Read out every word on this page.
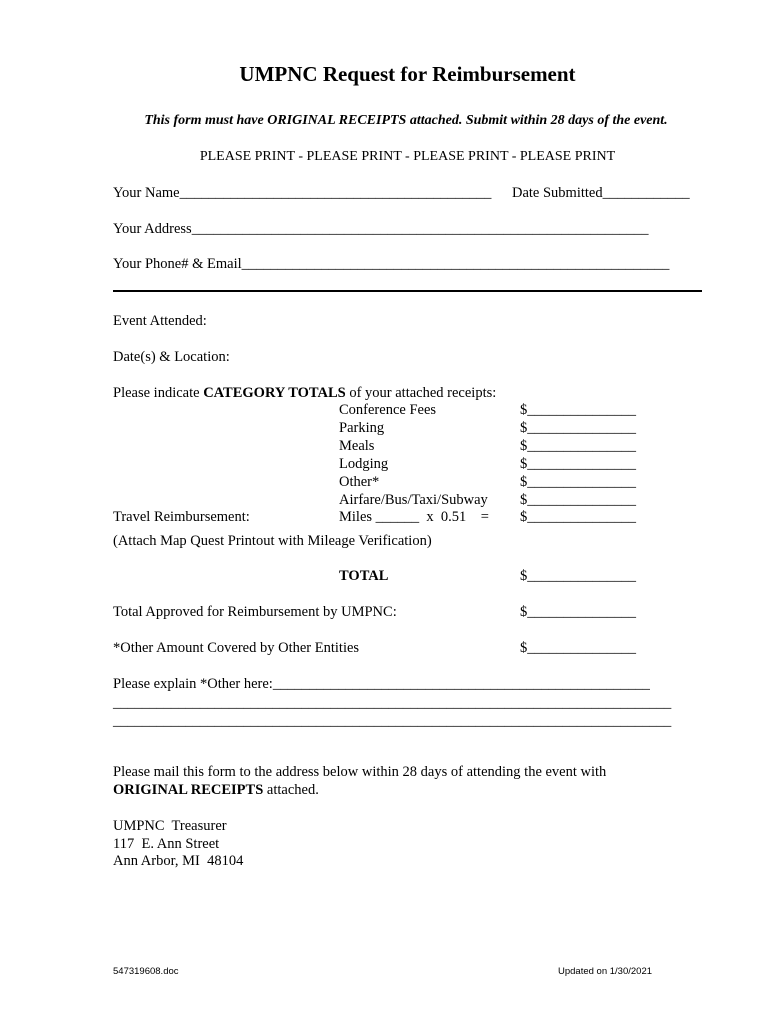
UMPNC Request for Reimbursement
This form must have ORIGINAL RECEIPTS attached. Submit within 28 days of the event.
PLEASE PRINT - PLEASE PRINT - PLEASE PRINT - PLEASE PRINT
Your Name___________________________________________ Date Submitted____________
Your Address_______________________________________________________________
Your Phone# & Email___________________________________________________________
Event Attended:
Date(s) & Location:
Please indicate CATEGORY TOTALS of your attached receipts:
Conference Fees	$_______________
Parking	$_______________
Meals	$_______________
Lodging	$_______________
Other*	$_______________
Airfare/Bus/Taxi/Subway $_______________
Travel Reimbursement:	Miles ______  x  0.51    = $_______________
(Attach Map Quest Printout with Mileage Verification)
TOTAL	$_______________
Total Approved for Reimbursement by UMPNC:	$_______________
*Other Amount Covered by Other Entities	$_______________
Please explain *Other here:____________________________________________________
_____________________________________________________________________________
_____________________________________________________________________________
Please mail this form to the address below within 28 days of attending the event with
ORIGINAL RECEIPTS attached.
UMPNC  Treasurer
117  E. Ann Street
Ann Arbor, MI  48104
547319608.doc	Updated on 1/30/2021
